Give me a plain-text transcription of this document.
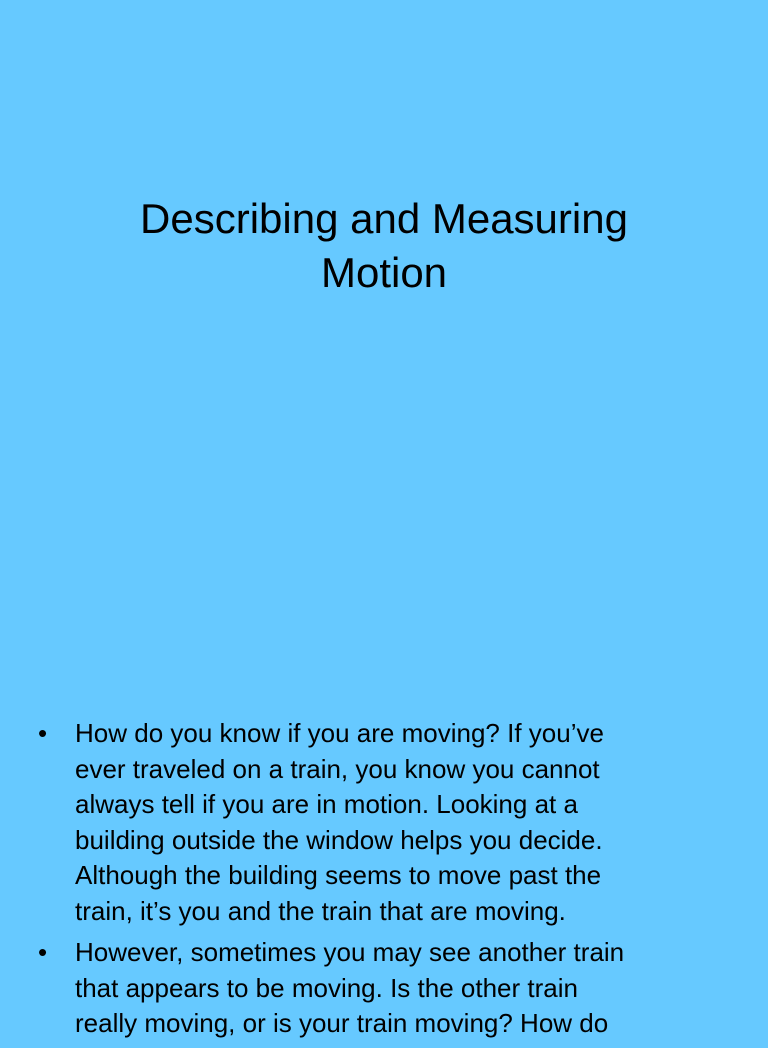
Describing and Measuring
Motion
•	How do you know if you are moving? If you’ve
ever traveled on a train, you know you cannot
always tell if you are in motion. Looking at a
building outside the window helps you decide.
Although the building seems to move past the
train, it’s you and the train that are moving.
•	However, sometimes you may see another train
that appears to be moving. Is the other train
really moving, or is your train moving? How do
